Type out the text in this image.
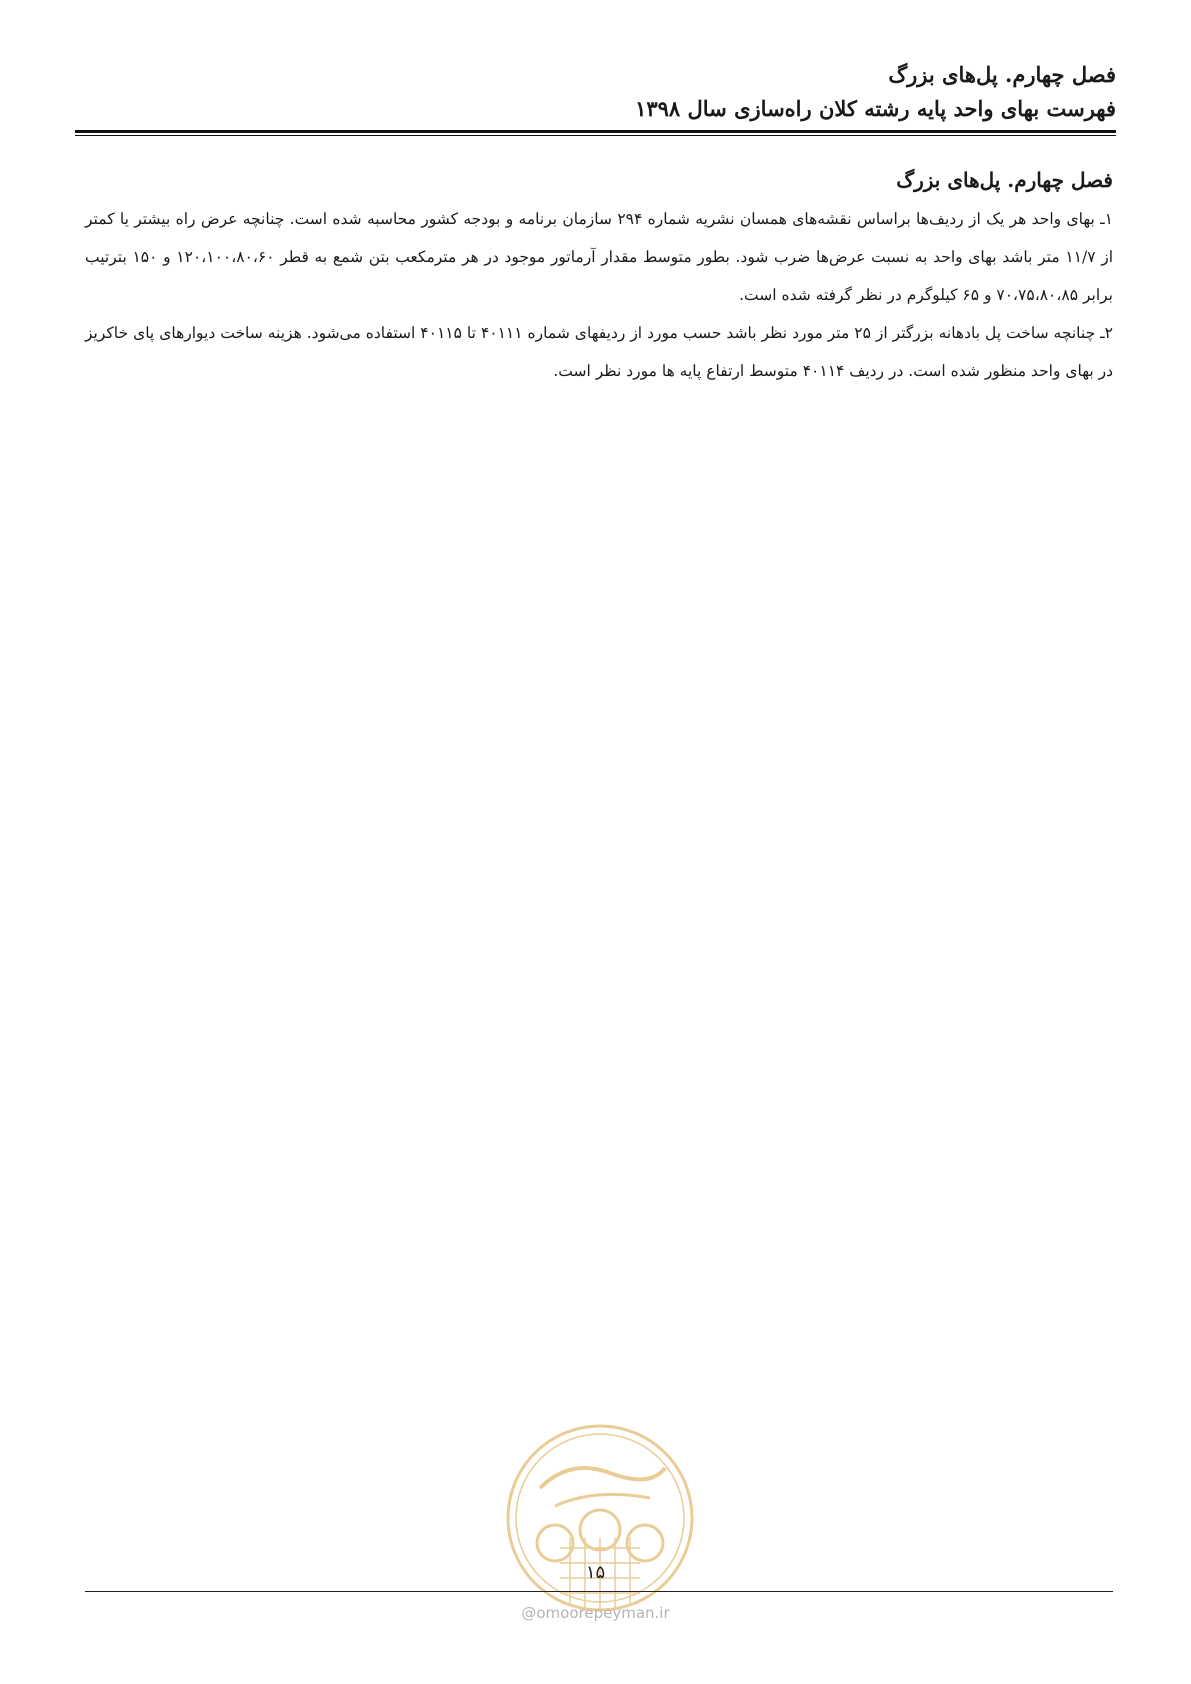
فصل چهارم. پل‌های بزرگ
فهرست بهای واحد پایه رشته کلان راه‌سازی سال ۱۳۹۸
فصل چهارم. پل‌های بزرگ

۱ـ بهای واحد هر یک از ردیف‌ها براساس نقشه‌های همسان نشریه شماره ۲۹۴ سازمان برنامه و بودجه کشور محاسبه شده است. چنانچه عرض راه بیشتر یا کمتر از ۱۱/۷ متر باشد بهای واحد به نسبت عرض‌ها ضرب شود. بطور متوسط مقدار آرماتور موجود در هر مترمکعب بتن شمع به قطر ۱۲۰،۱۰۰،۸۰،۶۰ و ۱۵۰ بترتیب برابر ۷۰،۷۵،۸۰،۸۵ و ۶۵ کیلوگرم در نظر گرفته شده است.

۲ـ چنانچه ساخت پل بادهانه بزرگتر از ۲۵ متر مورد نظر باشد حسب مورد از ردیفهای شماره ۴۰۱۱۱ تا ۴۰۱۱۵ استفاده می‌شود. هزینه ساخت دیوارهای پای خاکریز در بهای واحد منظور شده است. در ردیف ۴۰۱۱۴ متوسط ارتفاع پایه ها مورد نظر است.

۱۵
@omoorepeyman.ir
